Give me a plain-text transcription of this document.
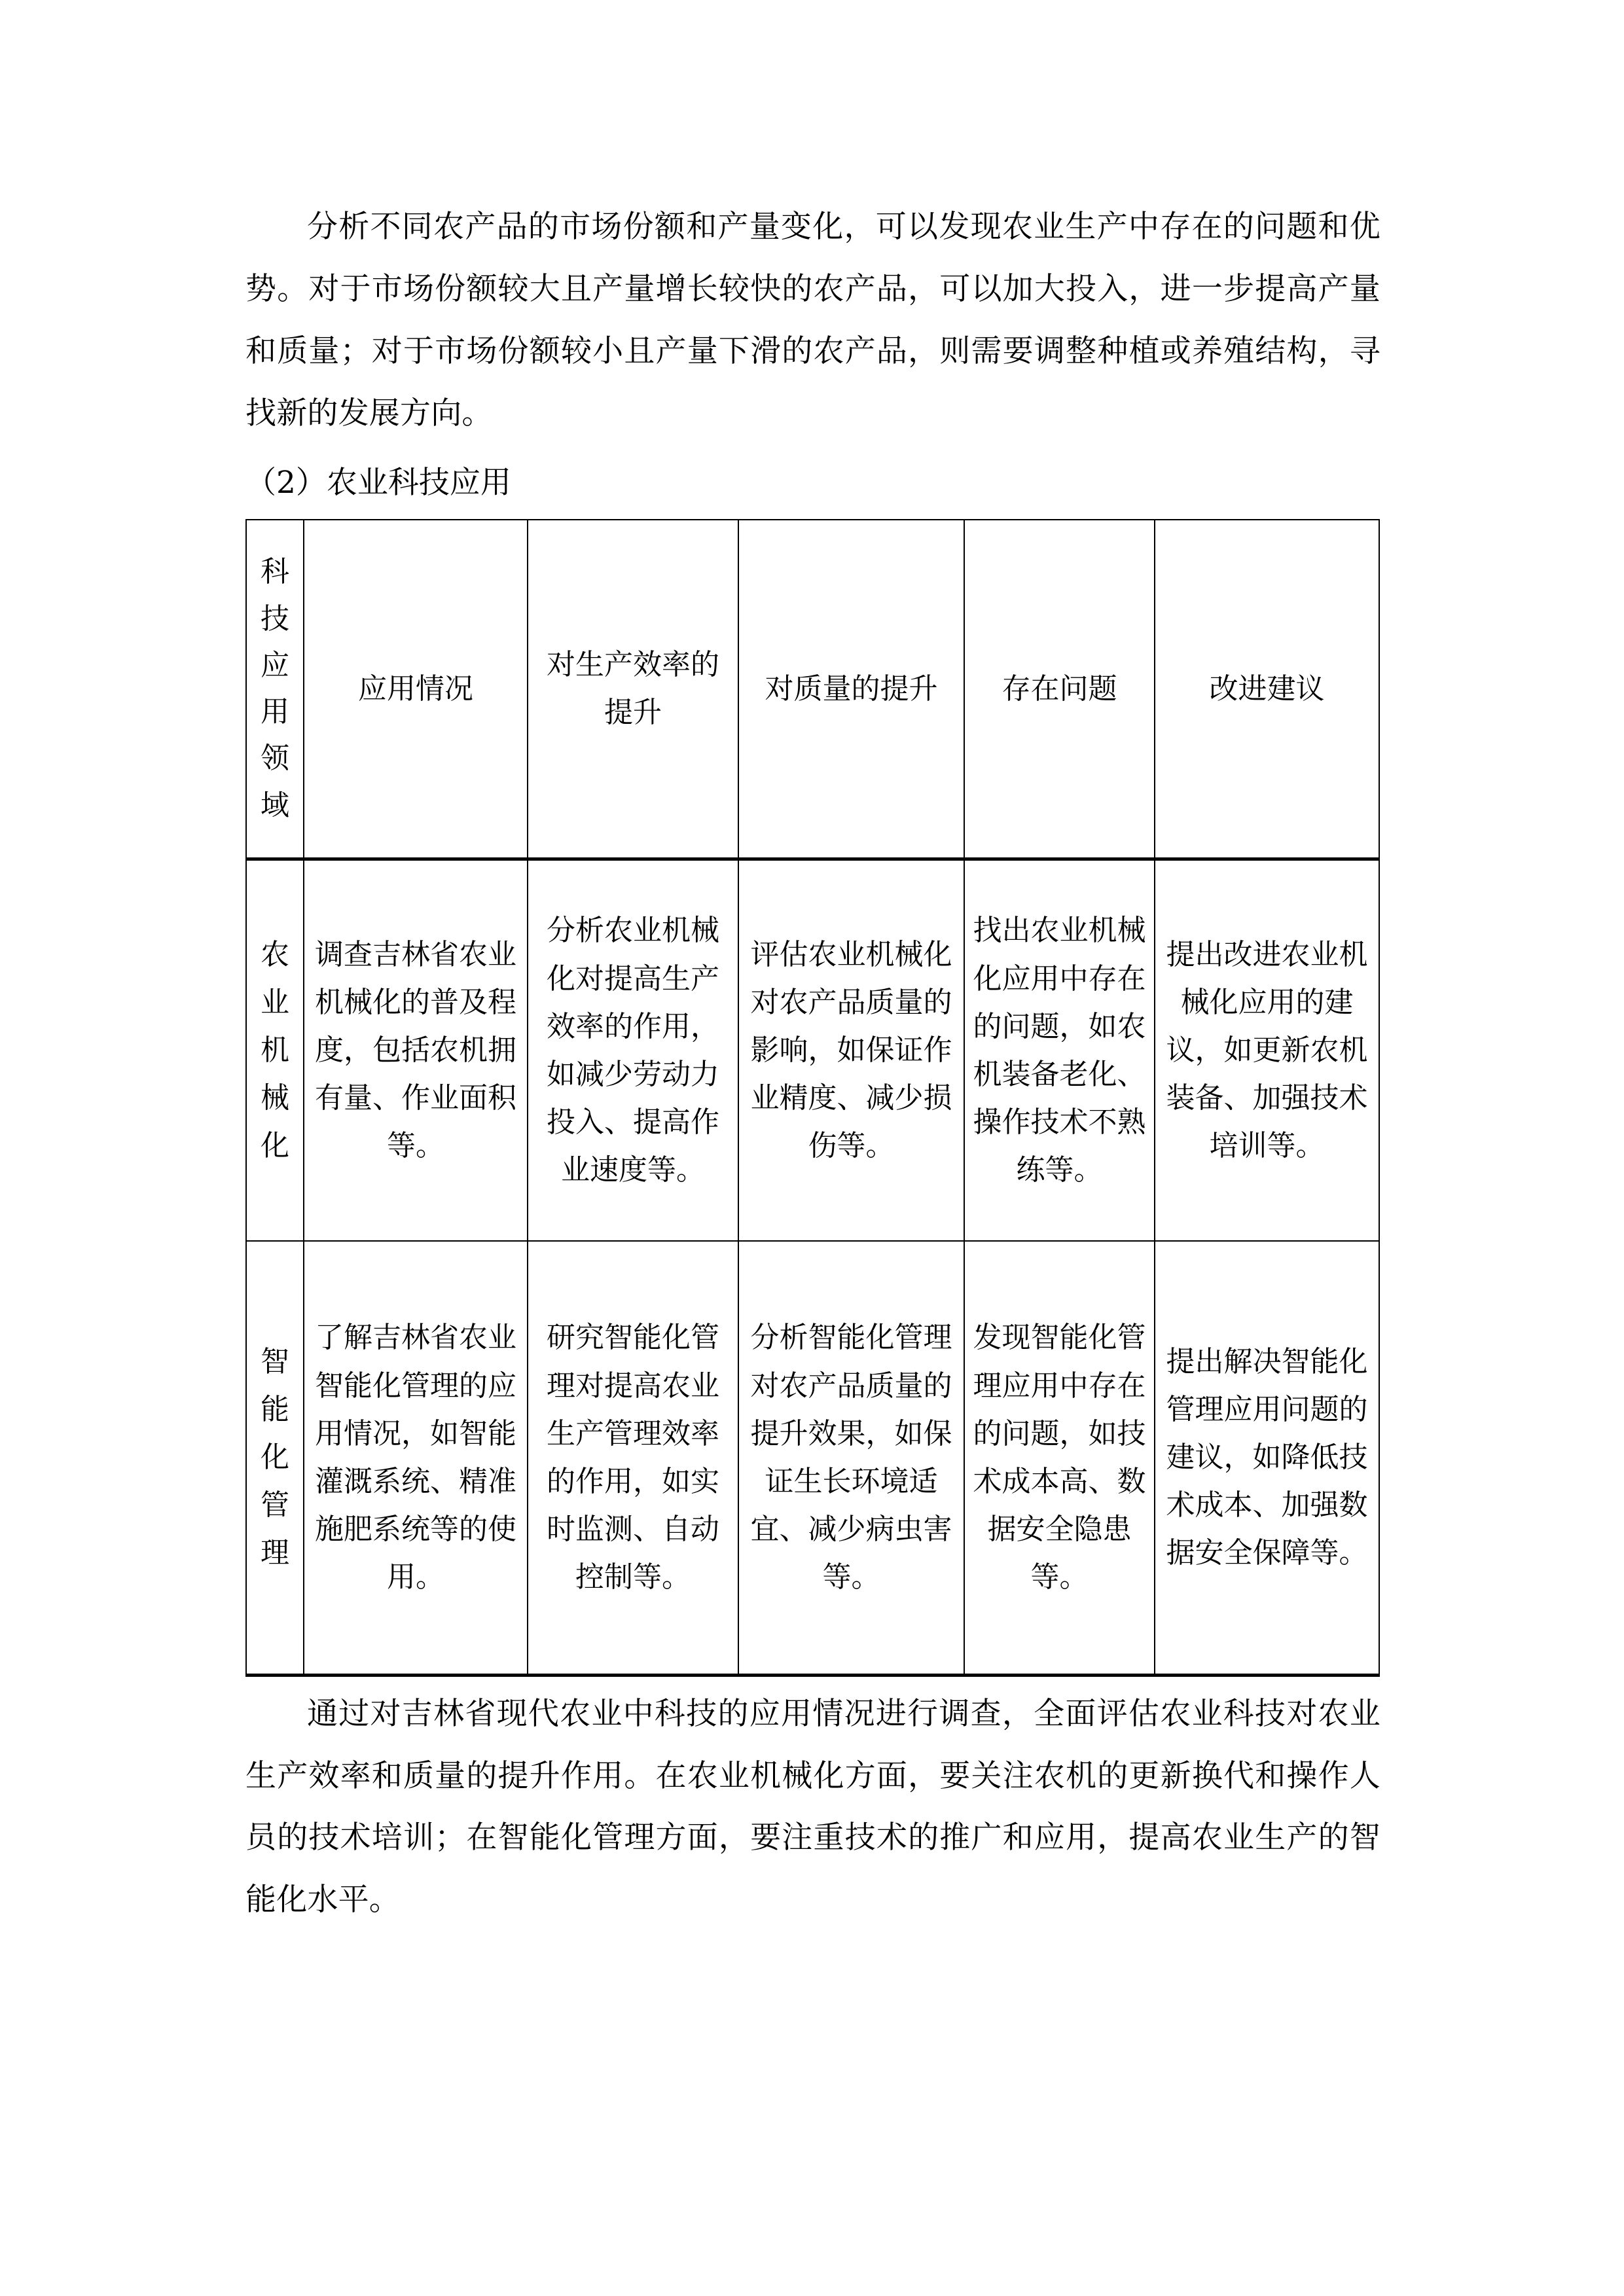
分析不同农产品的市场份额和产量变化，可以发现农业生产中存在的问题和优势。对于市场份额较大且产量增长较快的农产品，可以加大投入，进一步提高产量和质量；对于市场份额较小且产量下滑的农产品，则需要调整种植或养殖结构，寻找新的发展方向。

（2）农业科技应用

科技应用领域	应用情况	对生产效率的提升	对质量的提升	存在问题	改进建议

农业机械化	调查吉林省农业机械化的普及程度，包括农机拥有量、作业面积等。	分析农业机械化对提高生产效率的作用，如减少劳动力投入、提高作业速度等。	评估农业机械化对农产品质量的影响，如保证作业精度、减少损伤等。	找出农业机械化应用中存在的问题，如农机装备老化、操作技术不熟练等。	提出改进农业机械化应用的建议，如更新农机装备、加强技术培训等。

智能化管理	了解吉林省农业智能化管理的应用情况，如智能灌溉系统、精准施肥系统等的使用。	研究智能化管理对提高农业生产管理效率的作用，如实时监测、自动控制等。	分析智能化管理对农产品质量的提升效果，如保证生长环境适宜、减少病虫害等。	发现智能化管理应用中存在的问题，如技术成本高、数据安全隐患等。	提出解决智能化管理应用问题的建议，如降低技术成本、加强数据安全保障等。

通过对吉林省现代农业中科技的应用情况进行调查，全面评估农业科技对农业生产效率和质量的提升作用。在农业机械化方面，要关注农机的更新换代和操作人员的技术培训；在智能化管理方面，要注重技术的推广和应用，提高农业生产的智能化水平。
